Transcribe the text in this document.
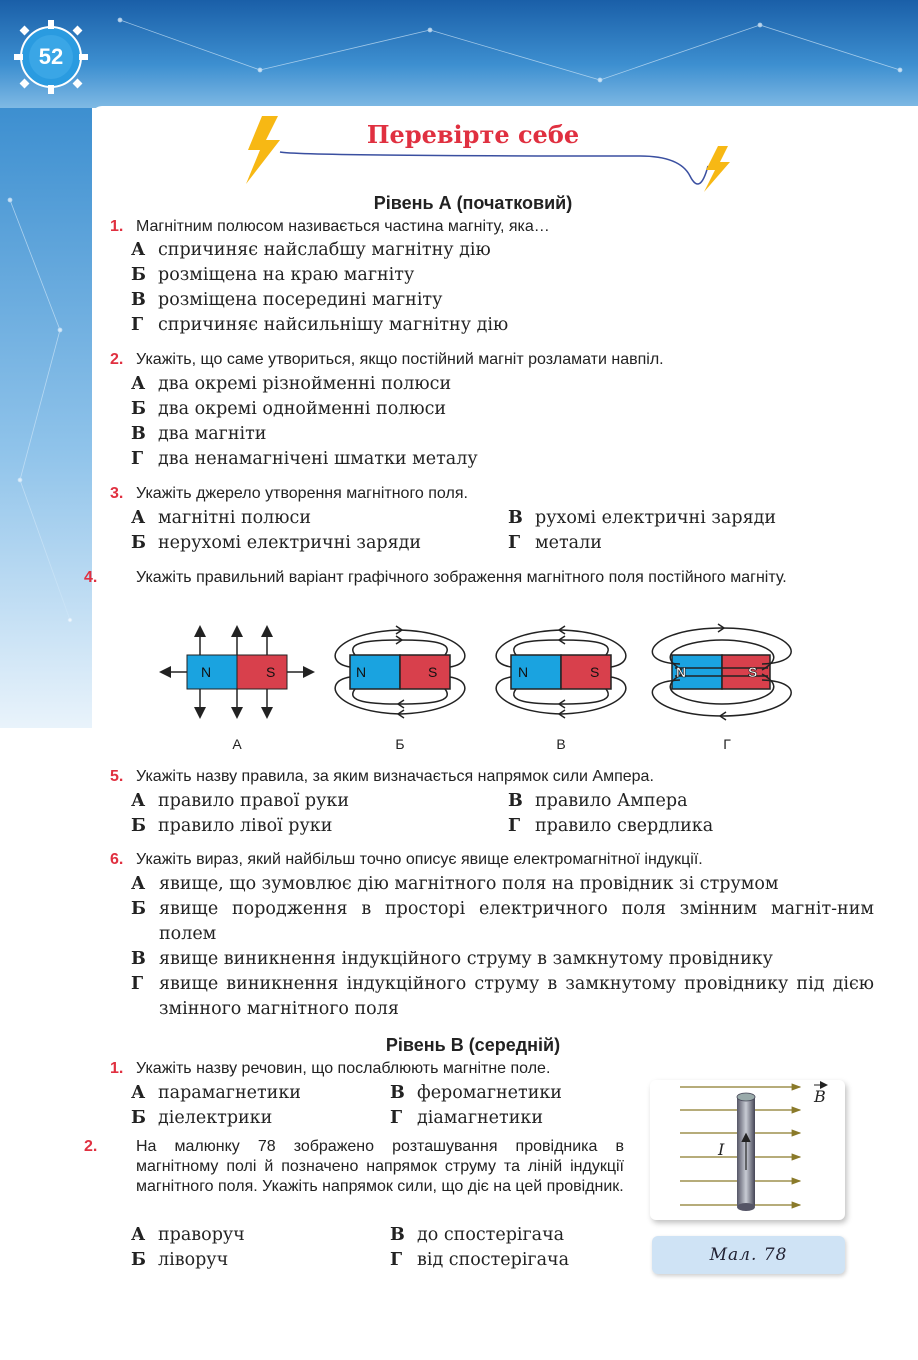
52
Перевірте себе
Рівень А (початковий)
1. Магнітним полюсом називається частина магніту, яка…
А спричиняє найслабшу магнітну дію
Б розміщена на краю магніту
В розміщена посередині магніту
Г спричиняє найсильнішу магнітну дію
2. Укажіть, що саме утвориться, якщо постійний магніт розламати навпіл.
А два окремі різнойменні полюси
Б два окремі однойменні полюси
В два магніти
Г два ненамагнічені шматки металу
3. Укажіть джерело утворення магнітного поля.
А магнітні полюси
Б нерухомі електричні заряди
В рухомі електричні заряди
Г метали
4. Укажіть правильний варіант графічного зображення магнітного поля постійного магніту.
N	S	N	S	N	S	N	S
А	Б	В	Г
5. Укажіть назву правила, за яким визначається напрямок сили Ампера.
А правило правої руки
Б правило лівої руки
В правило Ампера
Г правило свердлика
6. Укажіть вираз, який найбільш точно описує явище електромагнітної індукції.
А явище, що зумовлює дію магнітного поля на провідник зі струмом
Б явище породження в просторі електричного поля змінним магніт-ним полем
В явище виникнення індукційного струму в замкнутому провіднику
Г явище виникнення індукційного струму в замкнутому провіднику під дією змінного магнітного поля
Рівень В (середній)
1. Укажіть назву речовин, що послаблюють магнітне поле.
А парамагнетики
Б діелектрики
В феромагнетики
Г діамагнетики
2. На малюнку 78 зображено розташування провідника в магнітному полі й позначено напрямок струму та ліній індукції магнітного поля. Укажіть напрямок сили, що діє на цей провідник.
А праворуч
Б ліворуч
В до спостерігача
Г від спостерігача
I
B
Мал. 78
